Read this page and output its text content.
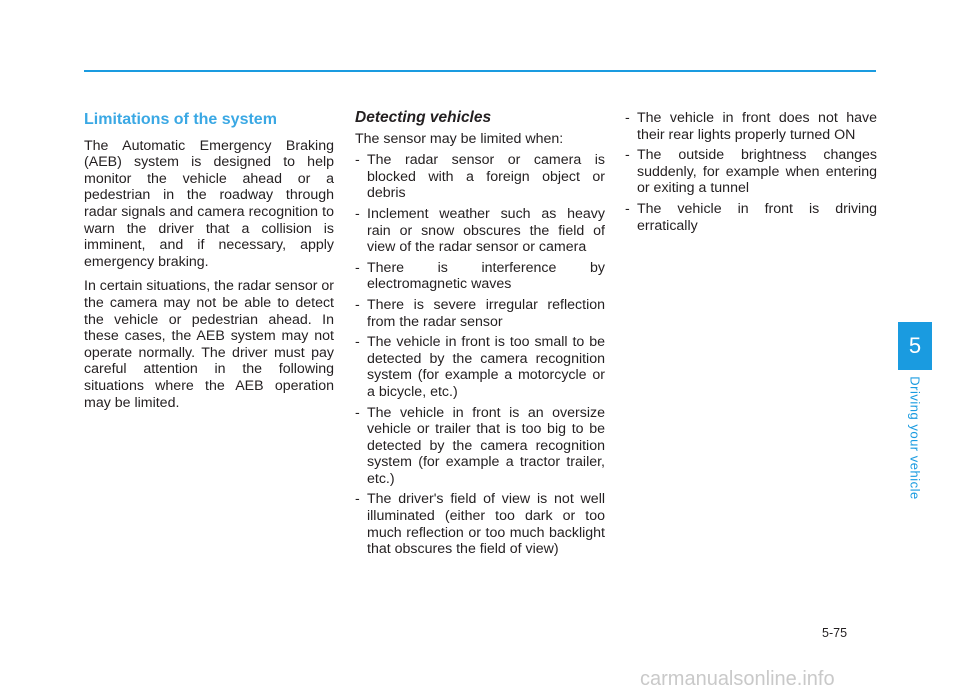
Limitations of the system

The Automatic Emergency Braking (AEB) system is designed to help monitor the vehicle ahead or a pedestrian in the roadway through radar signals and camera recognition to warn the driver that a collision is imminent, and if necessary, apply emergency braking.

In certain situations, the radar sensor or the camera may not be able to detect the vehicle or pedestrian ahead. In these cases, the AEB system may not operate normally. The driver must pay careful attention in the following situations where the AEB operation may be limited.

Detecting vehicles

The sensor may be limited when:

- The radar sensor or camera is blocked with a foreign object or debris
- Inclement weather such as heavy rain or snow obscures the field of view of the radar sensor or camera
- There is interference by electromagnetic waves
- There is severe irregular reflection from the radar sensor
- The vehicle in front is too small to be detected by the camera recognition system (for example a motorcycle or a bicycle, etc.)
- The vehicle in front is an oversize vehicle or trailer that is too big to be detected by the camera recognition system (for example a tractor trailer, etc.)
- The driver's field of view is not well illuminated (either too dark or too much reflection or too much backlight that obscures the field of view)
- The vehicle in front does not have their rear lights properly turned ON
- The outside brightness changes suddenly, for example when entering or exiting a tunnel
- The vehicle in front is driving erratically
5
Driving your vehicle
5-75
carmanualsonline.info
